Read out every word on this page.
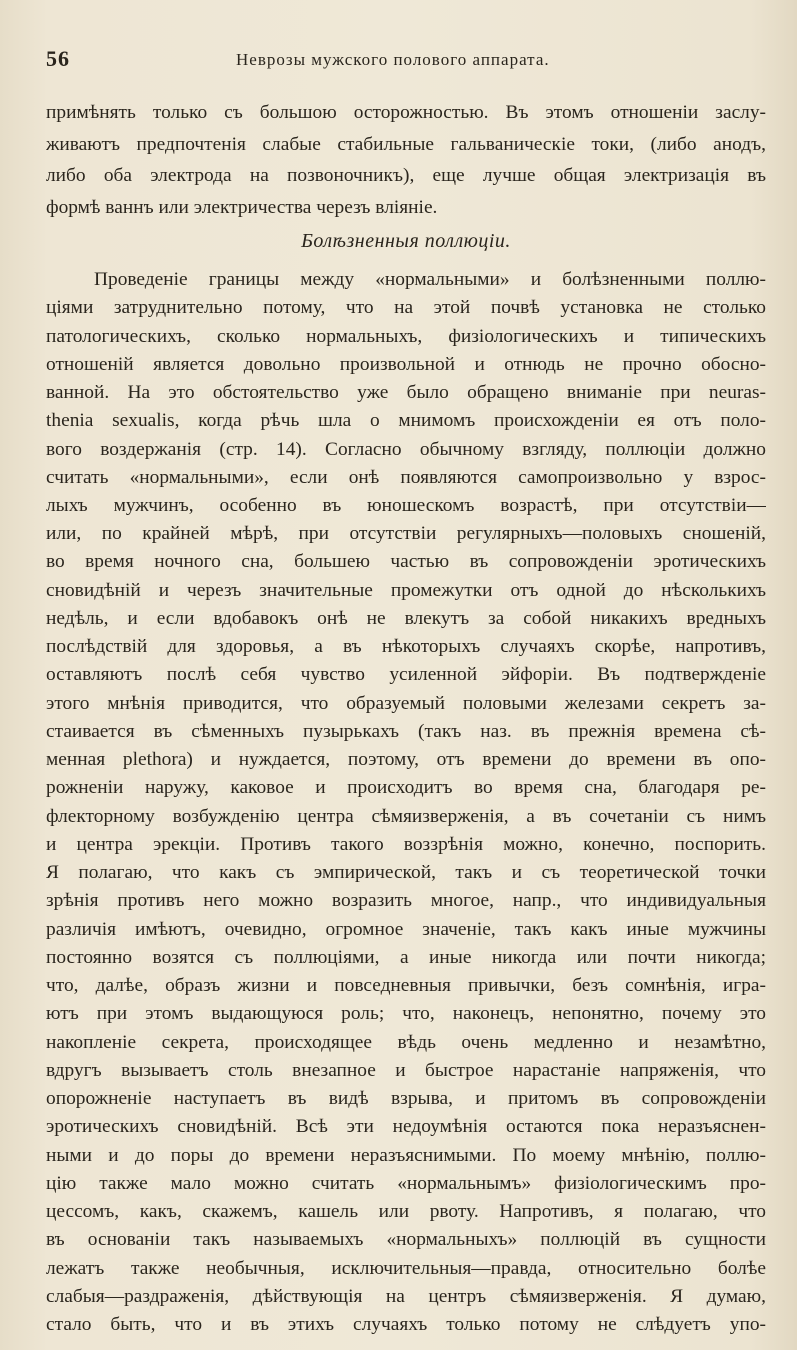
56	Неврозы мужского полового аппарата.
примѣнять только съ большою осторожностью. Въ этомъ отношенiи заслу-
живаютъ предпочтенiя слабые стабильные гальваническiе токи, (либо анодъ,
либо оба электрода на позвоночникъ), еще лучше общая электризацiя въ
формѣ ваннъ или электричества черезъ влiянiе.
Болѣзненныя поллюцiи.
Проведенiе границы между «нормальными» и болѣзненными поллю-
цiями затруднительно потому, что на этой почвѣ установка не столько
патологическихъ, сколько нормальныхъ, физiологическихъ и типическихъ
отношенiй является довольно произвольной и отнюдь не прочно обосно-
ванной. На это обстоятельство уже было обращено вниманiе при neuras-
thenia sexualis, когда рѣчь шла о мнимомъ происхожденiи ея отъ поло-
вого воздержанiя (стр. 14). Согласно обычному взгляду, поллюцiи должно
считать «нормальными», если онѣ появляются самопроизвольно у взрос-
лыхъ мужчинъ, особенно въ юношескомъ возрастѣ, при отсутствiи—
или, по крайней мѣрѣ, при отсутствiи регулярныхъ—половыхъ сношенiй,
во время ночного сна, большею частью въ сопровожденiи эротическихъ
сновидѣнiй и черезъ значительные промежутки отъ одной до нѣсколькихъ
недѣль, и если вдобавокъ онѣ не влекутъ за собой никакихъ вредныхъ
послѣдствiй для здоровья, а въ нѣкоторыхъ случаяхъ скорѣе, напротивъ,
оставляютъ послѣ себя чувство усиленной эйфорiи. Въ подтвержденiе
этого мнѣнiя приводится, что образуемый половыми железами секретъ за-
стаивается въ сѣменныхъ пузырькахъ (такъ наз. въ прежнiя времена сѣ-
менная plethora) и нуждается, поэтому, отъ времени до времени въ опо-
рожненiи наружу, каковое и происходитъ во время сна, благодаря ре-
флекторному возбужденiю центра сѣмяизверженiя, а въ сочетанiи съ нимъ
и центра эрекцiи. Противъ такого воззрѣнiя можно, конечно, поспорить.
Я полагаю, что какъ съ эмпирической, такъ и съ теоретической точки
зрѣнiя противъ него можно возразить многое, напр., что индивидуальныя
различiя имѣютъ, очевидно, огромное значенiе, такъ какъ иные мужчины
постоянно возятся съ поллюцiями, а иные никогда или почти никогда;
что, далѣе, образъ жизни и повседневныя привычки, безъ сомнѣнiя, игра-
ютъ при этомъ выдающуюся роль; что, наконецъ, непонятно, почему это
накопленiе секрета, происходящее вѣдь очень медленно и незамѣтно,
вдругъ вызываетъ столь внезапное и быстрое нарастанiе напряженiя, что
опорожненiе наступаетъ въ видѣ взрыва, и притомъ въ сопровожденiи
эротическихъ сновидѣнiй. Всѣ эти недоумѣнiя остаются пока неразъяснен-
ными и до поры до времени неразъяснимыми. По моему мнѣнiю, поллю-
цiю также мало можно считать «нормальнымъ» физiологическимъ про-
цессомъ, какъ, скажемъ, кашель или рвоту. Напротивъ, я полагаю, что
въ основанiи такъ называемыхъ «нормальныхъ» поллюцiй въ сущности
лежатъ также необычныя, исключительныя—правда, относительно болѣе
слабыя—раздраженiя, дѣйствующiя на центръ сѣмяизверженiя. Я думаю,
стало быть, что и въ этихъ случаяхъ только потому не слѣдуетъ упо-
